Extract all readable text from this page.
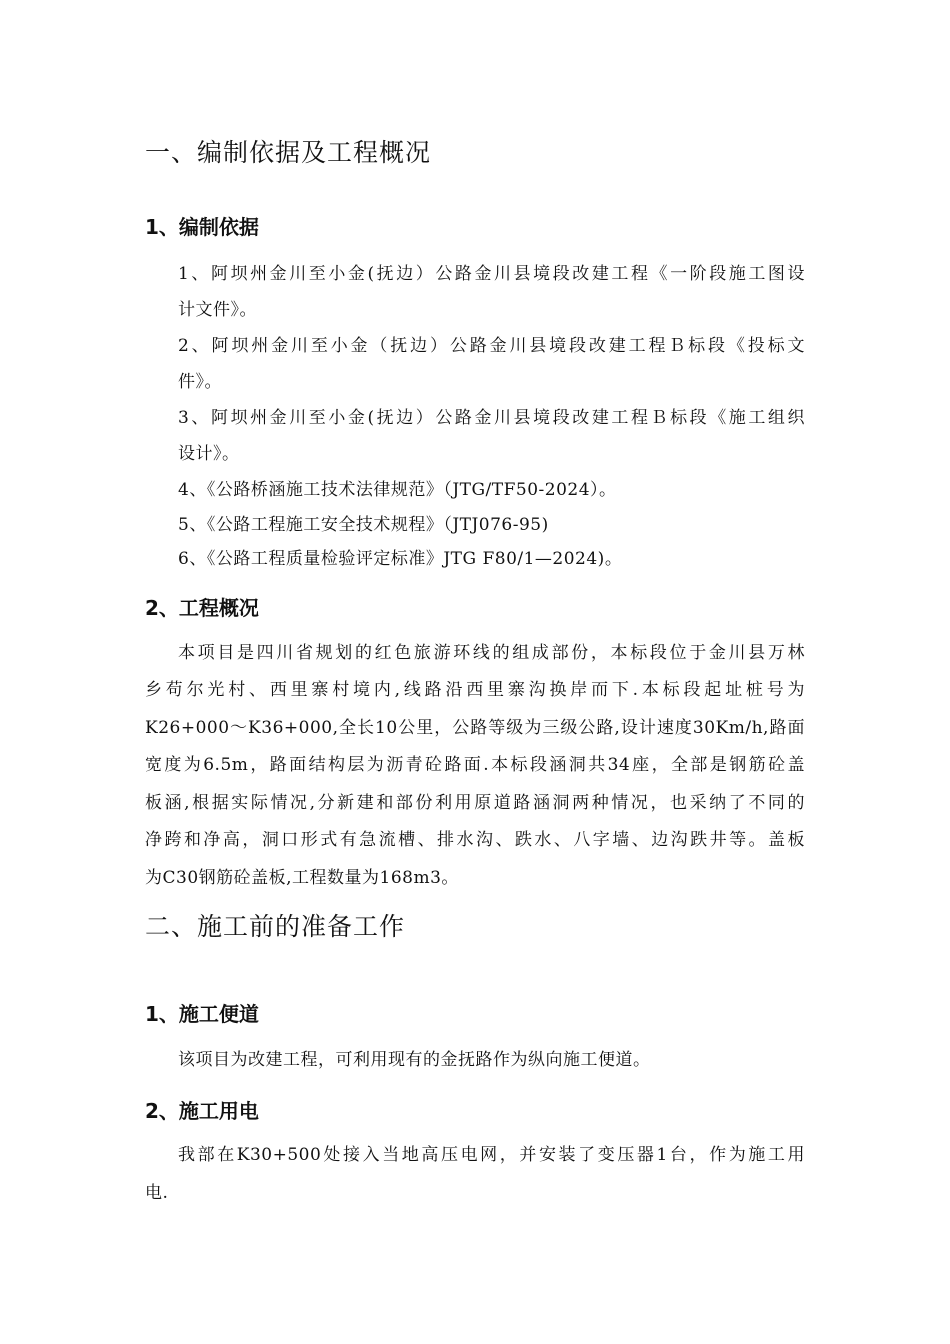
一、编制依据及工程概况
1、编制依据

1、阿坝州金川至小金(抚边）公路金川县境段改建工程《一阶段施工图设

计文件》。

2、阿坝州金川至小金（抚边）公路金川县境段改建工程Ｂ标段《投标文

件》。

3、阿坝州金川至小金(抚边）公路金川县境段改建工程Ｂ标段《施工组织

设计》。

4、《公路桥涵施工技术法律规范》（JTG/TF50-2024）。

5、《公路工程施工安全技术规程》（JTJ076-95)

6、《公路工程质量检验评定标准》JTG F80/1—2024)。

2、工程概况

本项目是四川省规划的红色旅游环线的组成部份，本标段位于金川县万林

乡苟尔光村、西里寨村境内,线路沿西里寨沟换岸而下.本标段起址桩号为

K26+000～K36+000,全长10公里，公路等级为三级公路,设计速度30Km/h,路面

宽度为6.5m，路面结构层为沥青砼路面.本标段涵洞共34座，全部是钢筋砼盖

板涵,根据实际情况,分新建和部份利用原道路涵洞两种情况，也采纳了不同的

净跨和净高，洞口形式有急流槽、排水沟、跌水、八字墙、边沟跌井等。盖板

为C30钢筋砼盖板,工程数量为168m3。

二、施工前的准备工作
1、施工便道

该项目为改建工程，可利用现有的金抚路作为纵向施工便道。

2、施工用电

我部在K30+500处接入当地高压电网，并安装了变压器1台，作为施工用

电.
